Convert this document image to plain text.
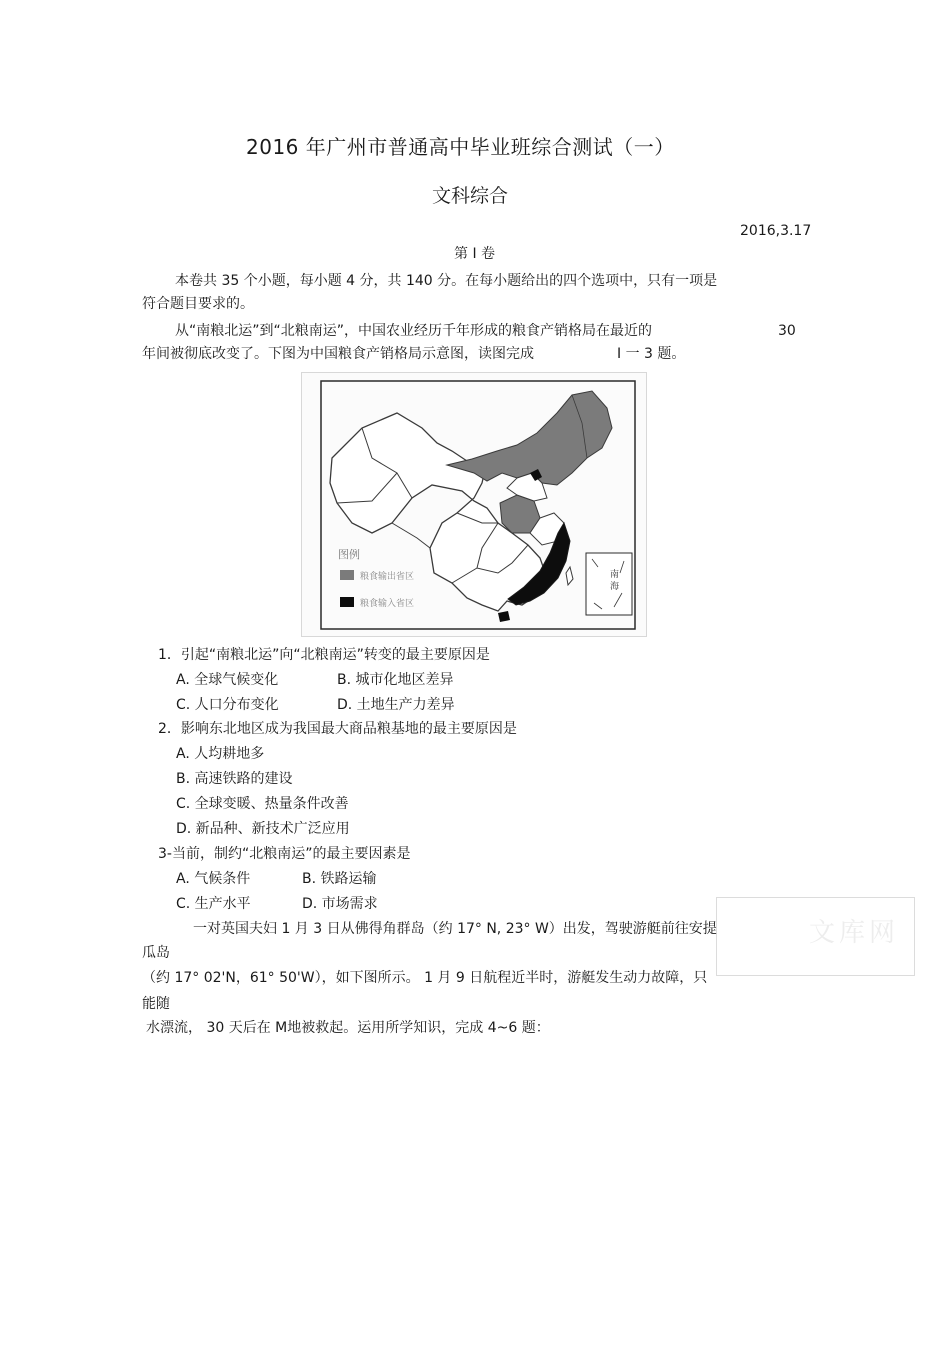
2016 年广州市普通高中毕业班综合测试（一）
文科综合
2016,3.17
第 Ⅰ 卷
本卷共 35 个小题，每小题 4 分，共 140 分。在每小题给出的四个选项中，只有一项是
符合题目要求的。
从“南粮北运”到“北粮南运”，中国农业经历千年形成的粮食产销格局在最近的	30
年间被彻底改变了。下图为中国粮食产销格局示意图，读图完成	Ⅰ 一 3 题。
南海
图例
粮食输出省区
粮食输入省区
1．引起“南粮北运”向“北粮南运”转变的最主要原因是
A. 全球气候变化	B. 城市化地区差异
C. 人口分布变化	D. 土地生产力差异
2．影响东北地区成为我国最大商品粮基地的最主要原因是
A. 人均耕地多
B. 高速铁路的建设
C. 全球变暖、热量条件改善
D. 新品种、新技术广泛应用
3-当前，制约“北粮南运”的最主要因素是
A. 气候条件	B. 铁路运输
C. 生产水平	D. 市场需求
文库网
一对英国夫妇 1 月 3 日从佛得角群岛（约 17° N, 23° W）出发，驾驶游艇前往安提
瓜岛
（约 17° 02'N，61° 50'W），如下图所示。 1 月 9 日航程近半时，游艇发生动力故障，只
能随
水漂流， 30 天后在 M地被救起。运用所学知识，完成 4~6 题：
